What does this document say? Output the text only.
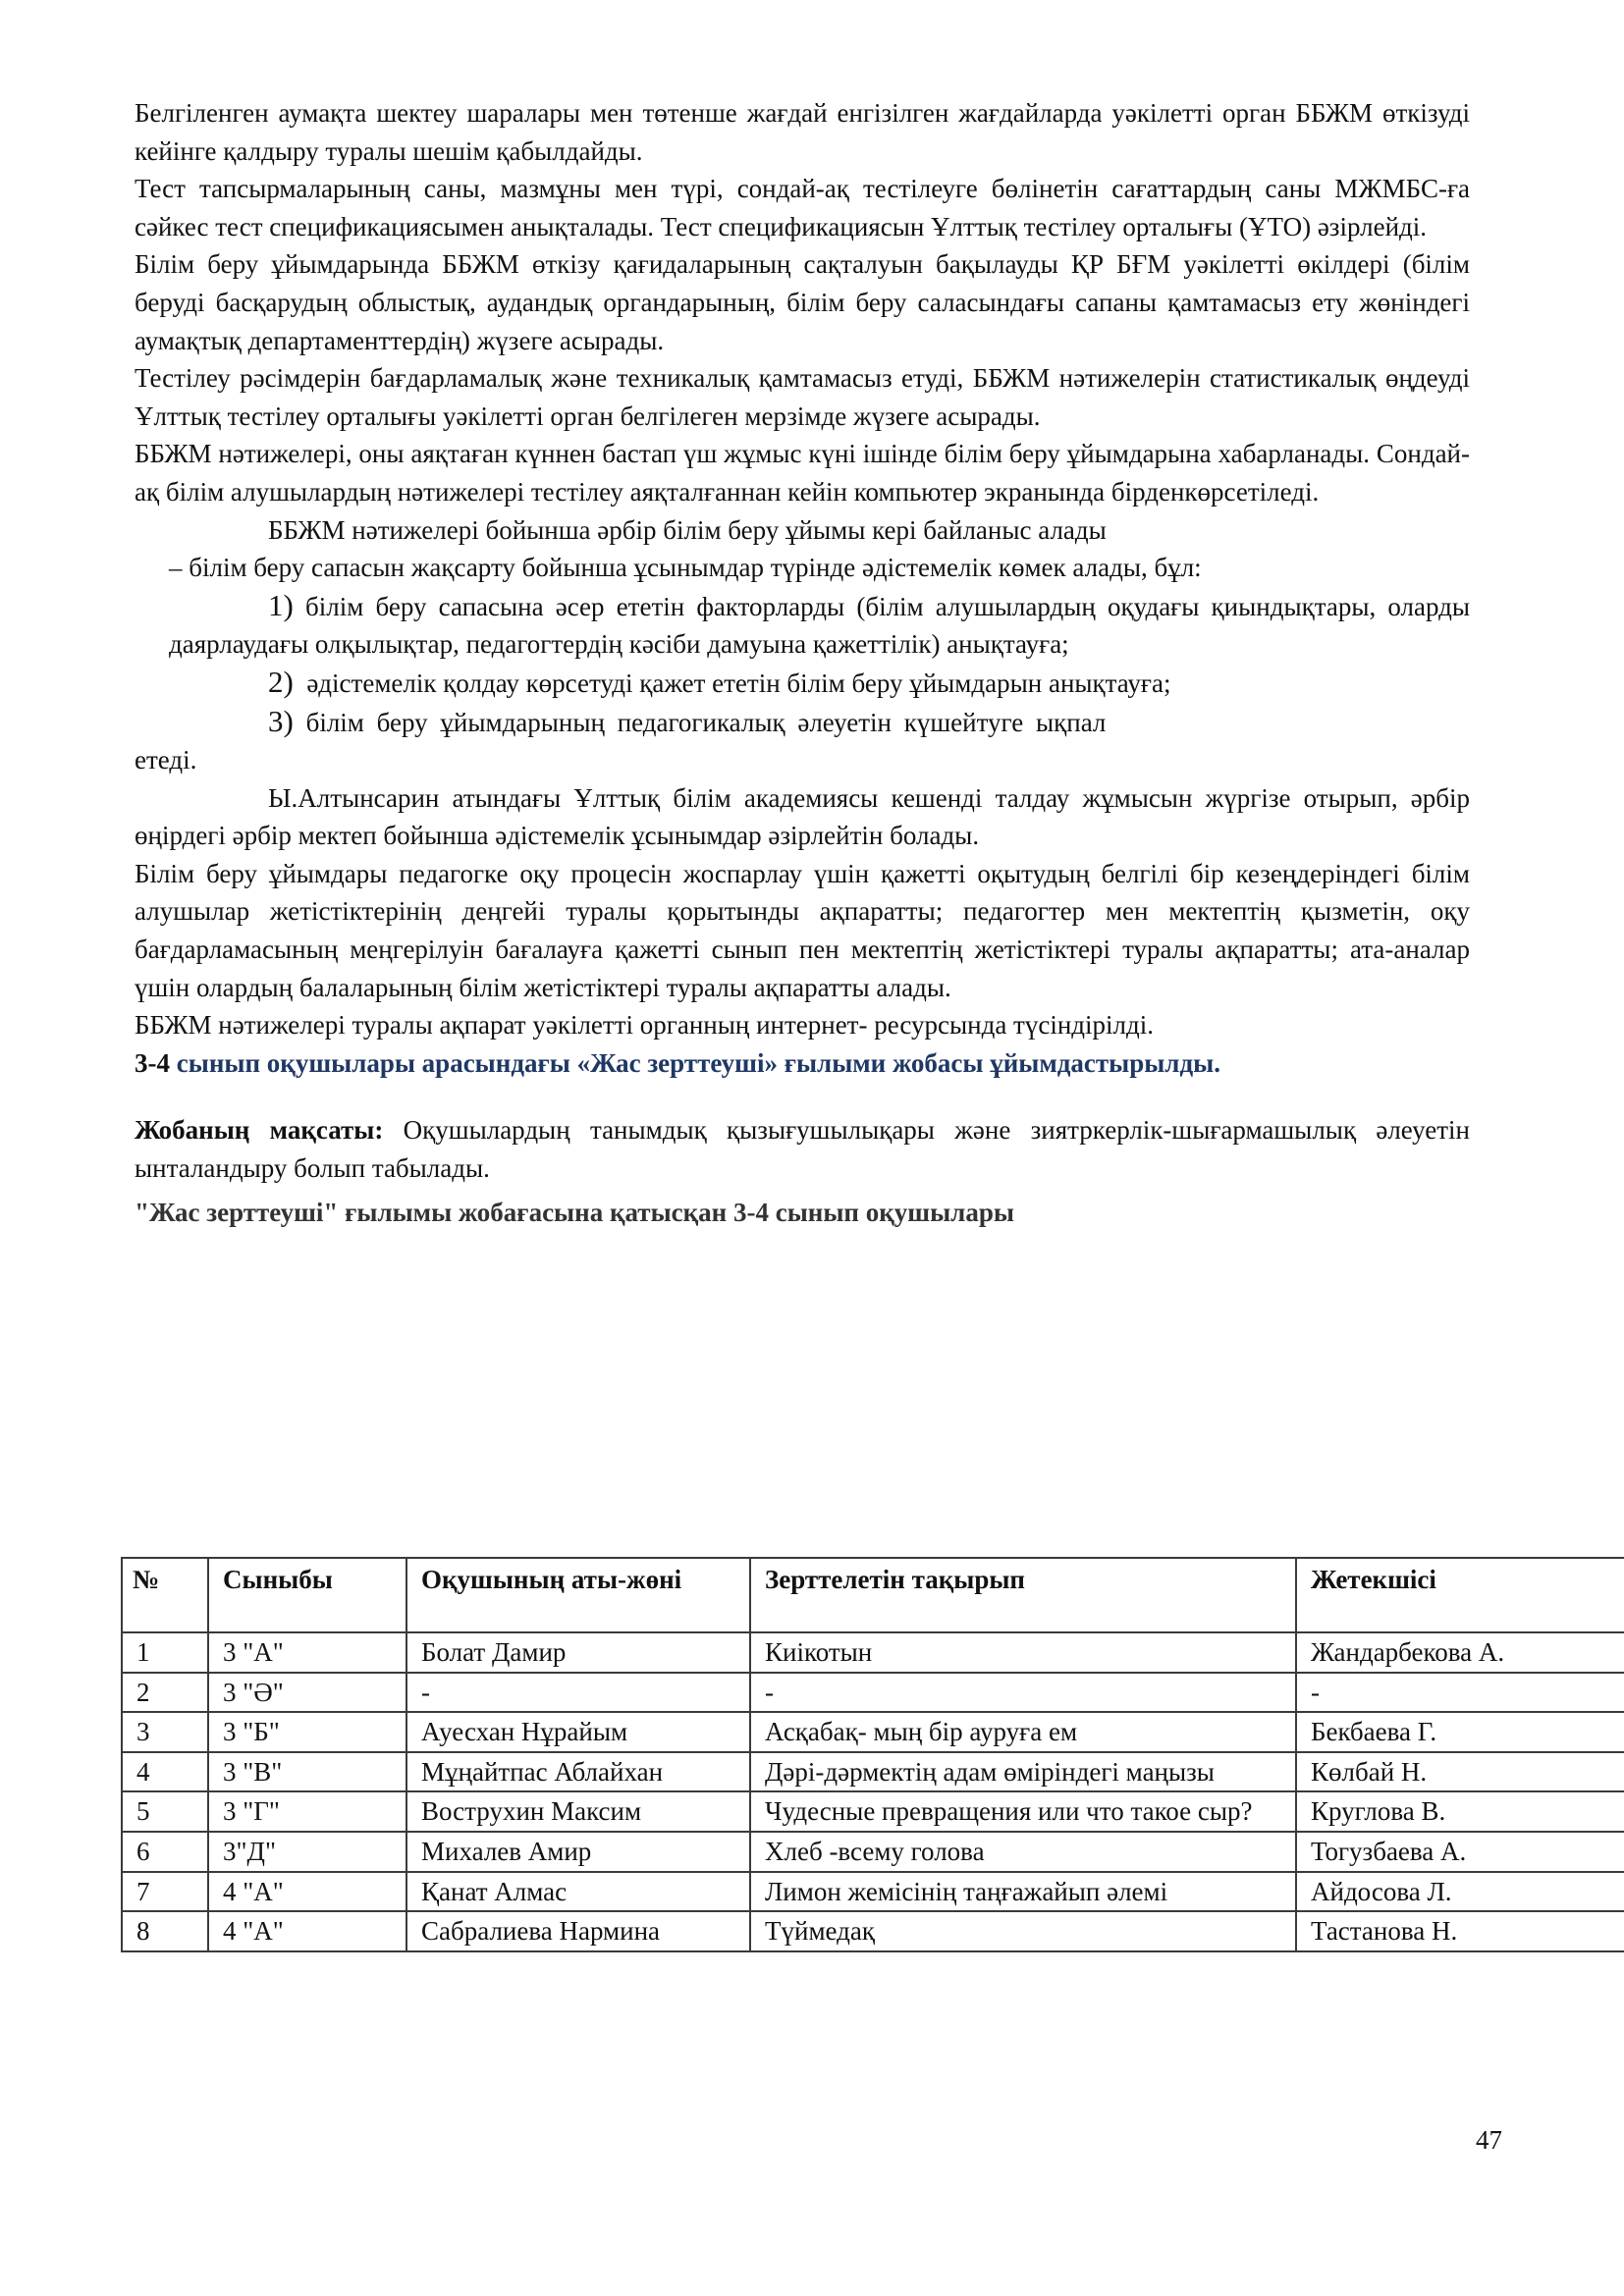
Белгіленген аумақта шектеу шаралары мен төтенше жағдай енгізілген жағдайларда уәкілетті орган ББЖМ өткізуді кейінге қалдыру туралы шешім қабылдайды.

Тест тапсырмаларының саны, мазмұны мен түрі, сондай-ақ тестілеуге бөлінетін сағаттардың саны МЖМБС-ға сәйкес тест спецификациясымен анықталады. Тест спецификациясын Ұлттық тестілеу орталығы (ҰТО) әзірлейді.

Білім беру ұйымдарында ББЖМ өткізу қағидаларының сақталуын бақылауды ҚР БҒМ уәкілетті өкілдері (білім беруді басқарудың облыстық, аудандық органдарының, білім беру саласындағы сапаны қамтамасыз ету жөніндегі аумақтық департаменттердің) жүзеге асырады.

Тестілеу рәсімдерін бағдарламалық және техникалық қамтамасыз етуді, ББЖМ нәтижелерін статистикалық өңдеуді Ұлттық тестілеу орталығы уәкілетті орган белгілеген мерзімде жүзеге асырады.

ББЖМ нәтижелері, оны аяқтаған күннен бастап үш жұмыс күні ішінде білім беру ұйымдарына хабарланады. Сондай-ақ білім алушылардың нәтижелері тестілеу аяқталғаннан кейін компьютер экранында бірденкөрсетіледі.

ББЖМ нәтижелері бойынша әрбір білім беру ұйымы кері байланыс алады

– білім беру сапасын жақсарту бойынша ұсынымдар түрінде әдістемелік көмек алады, бұл:

1) білім беру сапасына әсер ететін факторларды (білім алушылардың оқудағы қиындықтары, оларды даярлаудағы олқылықтар, педагогтердің кәсіби дамуына қажеттілік) анықтауға;

2) әдістемелік қолдау көрсетуді қажет ететін білім беру ұйымдарын анықтауға;

3) білім беру ұйымдарының педагогикалық әлеуетін күшейтуге ықпал

етеді.

Ы.Алтынсарин атындағы Ұлттық білім академиясы кешенді талдау жұмысын жүргізе отырып, әрбір өңірдегі әрбір мектеп бойынша әдістемелік ұсынымдар әзірлейтін болады.

Білім беру ұйымдары педагогке оқу процесін жоспарлау үшін қажетті оқытудың белгілі бір кезеңдеріндегі білім алушылар жетістіктерінің деңгейі туралы қорытынды ақпаратты; педагогтер мен мектептің қызметін, оқу бағдарламасының меңгерілуін бағалауға қажетті сынып пен мектептің жетістіктері туралы ақпаратты; ата-аналар үшін олардың балаларының білім жетістіктері туралы ақпаратты алады.

ББЖМ нәтижелері туралы ақпарат уәкілетті органның интернет- ресурсында түсіндірілді.

3-4 сынып оқушылары арасындағы «Жас зерттеуші» ғылыми жобасы ұйымдастырылды.

Жобаның мақсаты: Оқушылардың танымдық қызығушылықары және зиятркерлік-шығармашылық әлеуетін ынталандыру болып табылады.

"Жас зерттеуші" ғылымы жобағасына қатысқан 3-4 сынып оқушылары

№	Сыныбы	Оқушының аты-жөні	Зерттелетін тақырып	Жетекшісі
1	3 "А"	Болат Дамир	Киікотын	Жандарбекова А.
2	3 "Ә"	-	-	-
3	3 "Б"	Ауесхан Нұрайым	Асқабақ- мың бір ауруға ем	Бекбаева Г.
4	3 "В"	Мұңайтпас Аблайхан	Дәрі-дәрмектің адам өміріндегі маңызы	Көлбай Н.
5	3 "Г"	Вострухин Максим	Чудесные превращения или что такое сыр?	Круглова В.
6	3"Д"	Михалев Амир	Хлеб -всему голова	Тогузбаева А.
7	4 "А"	Қанат Алмас	Лимон жемісінің таңғажайып әлемі	Айдосова Л.
8	4 "А"	Сабралиева Нармина	Түймедақ	Тастанова Н.
47
